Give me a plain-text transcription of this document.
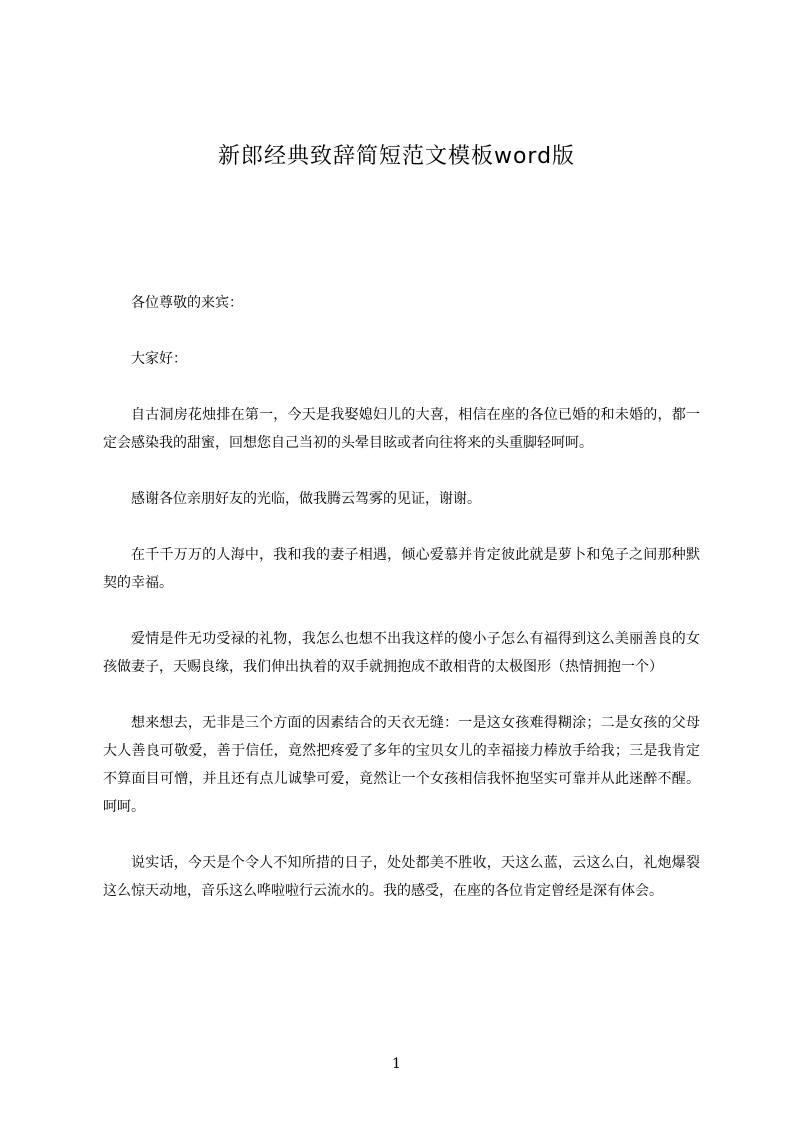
新郎经典致辞简短范文模板word版

各位尊敬的来宾：

大家好：

自古洞房花烛排在第一，今天是我娶媳妇儿的大喜，相信在座的各位已婚的和未婚的，都一定会感染我的甜蜜，回想您自己当初的头晕目眩或者向往将来的头重脚轻呵呵。

感谢各位亲朋好友的光临，做我腾云驾雾的见证，谢谢。

在千千万万的人海中，我和我的妻子相遇，倾心爱慕并肯定彼此就是萝卜和兔子之间那种默契的幸福。

爱情是件无功受禄的礼物，我怎么也想不出我这样的傻小子怎么有福得到这么美丽善良的女孩做妻子，天赐良缘，我们伸出执着的双手就拥抱成不敢相背的太极图形（热情拥抱一个）

想来想去，无非是三个方面的因素结合的天衣无缝：一是这女孩难得糊涂；二是女孩的父母大人善良可敬爱，善于信任，竟然把疼爱了多年的宝贝女儿的幸福接力棒放手给我；三是我肯定不算面目可憎，并且还有点儿诚挚可爱，竟然让一个女孩相信我怀抱坚实可靠并从此迷醉不醒。呵呵。

说实话，今天是个令人不知所措的日子，处处都美不胜收，天这么蓝，云这么白，礼炮爆裂这么惊天动地，音乐这么哗啦啦行云流水的。我的感受，在座的各位肯定曾经是深有体会。

1
